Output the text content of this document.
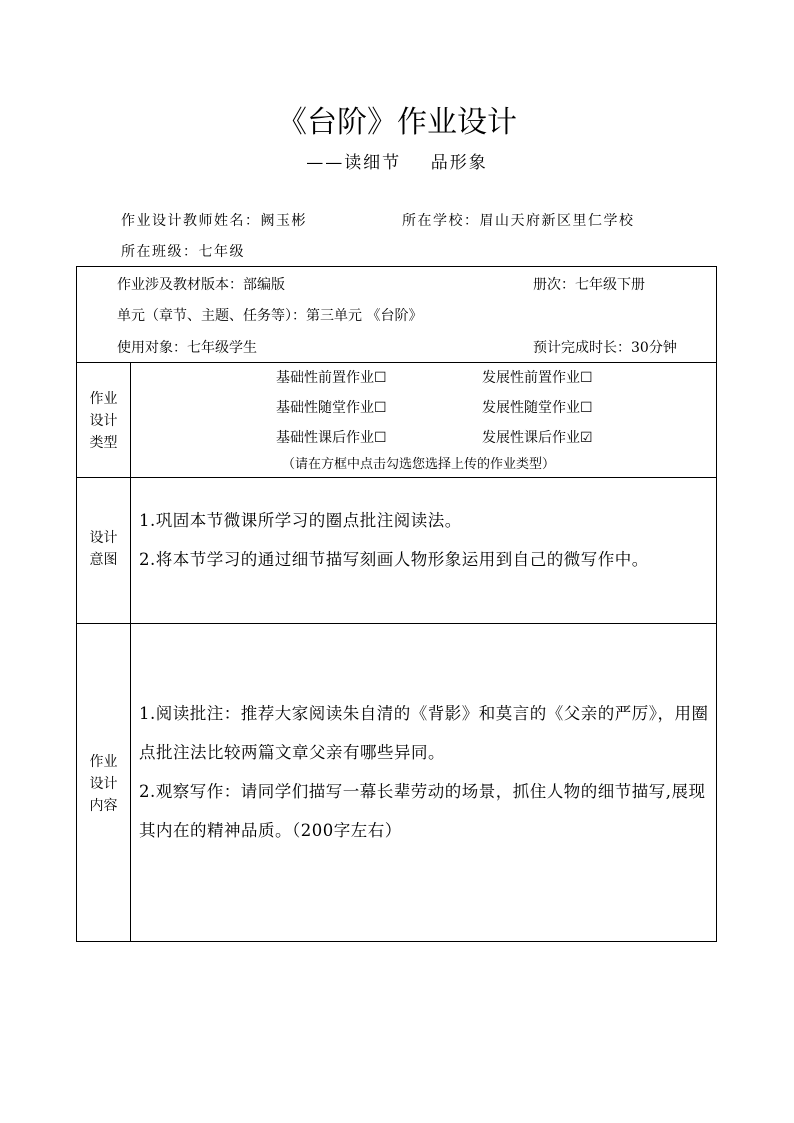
《台阶》作业设计
——读细节    品形象
作业设计教师姓名：阙玉彬	所在学校：眉山天府新区里仁学校
所在班级：七年级
作业涉及教材版本：部编版	册次：七年级下册
单元（章节、主题、任务等）：第三单元 《台阶》
使用对象：七年级学生	预计完成时长：30分钟
作业
设计
类型
基础性前置作业☐	发展性前置作业☐
基础性随堂作业☐	发展性随堂作业☐
基础性课后作业☐	发展性课后作业☑
（请在方框中点击勾选您选择上传的作业类型）
设计
意图

1.巩固本节微课所学习的圈点批注阅读法。

2.将本节学习的通过细节描写刻画人物形象运用到自己的微写作中。

作业
设计
内容

1.阅读批注：推荐大家阅读朱自清的《背影》和莫言的《父亲的严厉》，用圈点批注法比较两篇文章父亲有哪些异同。

2.观察写作：请同学们描写一幕长辈劳动的场景，抓住人物的细节描写,展现其内在的精神品质。（200字左右）
